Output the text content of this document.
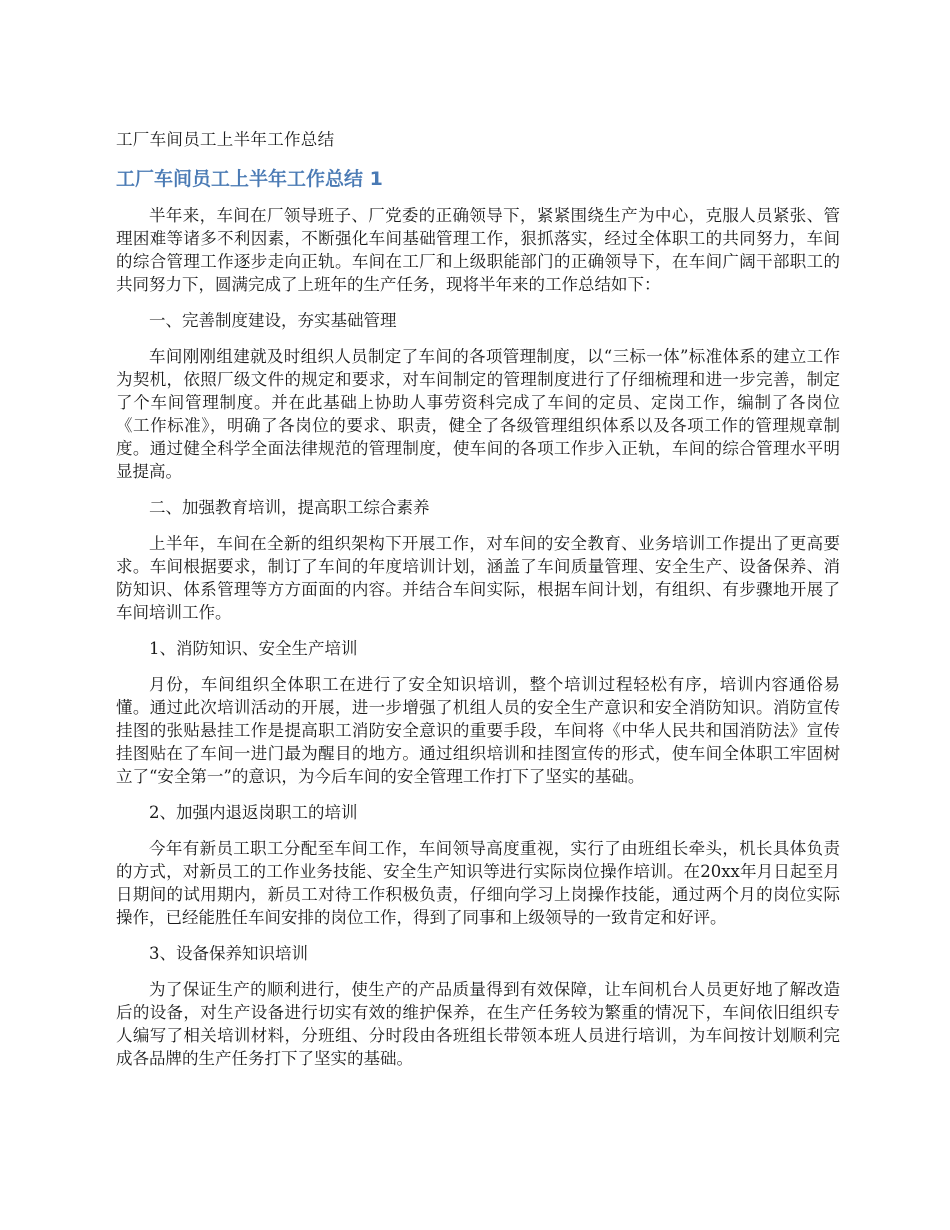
工厂车间员工上半年工作总结
工厂车间员工上半年工作总结 1

半年来，车间在厂领导班子、厂党委的正确领导下，紧紧围绕生产为中心，克服人员紧张、管理困难等诸多不利因素，不断强化车间基础管理工作，狠抓落实，经过全体职工的共同努力，车间的综合管理工作逐步走向正轨。车间在工厂和上级职能部门的正确领导下，在车间广阔干部职工的共同努力下，圆满完成了上班年的生产任务，现将半年来的工作总结如下：

一、完善制度建设，夯实基础管理

车间刚刚组建就及时组织人员制定了车间的各项管理制度，以“三标一体”标准体系的建立工作为契机，依照厂级文件的规定和要求，对车间制定的管理制度进行了仔细梳理和进一步完善，制定了个车间管理制度。并在此基础上协助人事劳资科完成了车间的定员、定岗工作，编制了各岗位《工作标准》，明确了各岗位的要求、职责，健全了各级管理组织体系以及各项工作的管理规章制度。通过健全科学全面法律规范的管理制度，使车间的各项工作步入正轨，车间的综合管理水平明显提高。

二、加强教育培训，提高职工综合素养

上半年，车间在全新的组织架构下开展工作，对车间的安全教育、业务培训工作提出了更高要求。车间根据要求，制订了车间的年度培训计划，涵盖了车间质量管理、安全生产、设备保养、消防知识、体系管理等方方面面的内容。并结合车间实际，根据车间计划，有组织、有步骤地开展了车间培训工作。

1、消防知识、安全生产培训

月份，车间组织全体职工在进行了安全知识培训，整个培训过程轻松有序，培训内容通俗易懂。通过此次培训活动的开展，进一步增强了机组人员的安全生产意识和安全消防知识。消防宣传挂图的张贴悬挂工作是提高职工消防安全意识的重要手段，车间将《中华人民共和国消防法》宣传挂图贴在了车间一进门最为醒目的地方。通过组织培训和挂图宣传的形式，使车间全体职工牢固树立了“安全第一”的意识，为今后车间的安全管理工作打下了坚实的基础。

2、加强内退返岗职工的培训

今年有新员工职工分配至车间工作，车间领导高度重视，实行了由班组长牵头，机长具体负责的方式，对新员工的工作业务技能、安全生产知识等进行实际岗位操作培训。在20xx年月日起至月日期间的试用期内，新员工对待工作积极负责，仔细向学习上岗操作技能，通过两个月的岗位实际操作，已经能胜任车间安排的岗位工作，得到了同事和上级领导的一致肯定和好评。

3、设备保养知识培训

为了保证生产的顺利进行，使生产的产品质量得到有效保障，让车间机台人员更好地了解改造后的设备，对生产设备进行切实有效的维护保养，在生产任务较为繁重的情况下，车间依旧组织专人编写了相关培训材料，分班组、分时段由各班组长带领本班人员进行培训，为车间按计划顺利完成各品牌的生产任务打下了坚实的基础。
